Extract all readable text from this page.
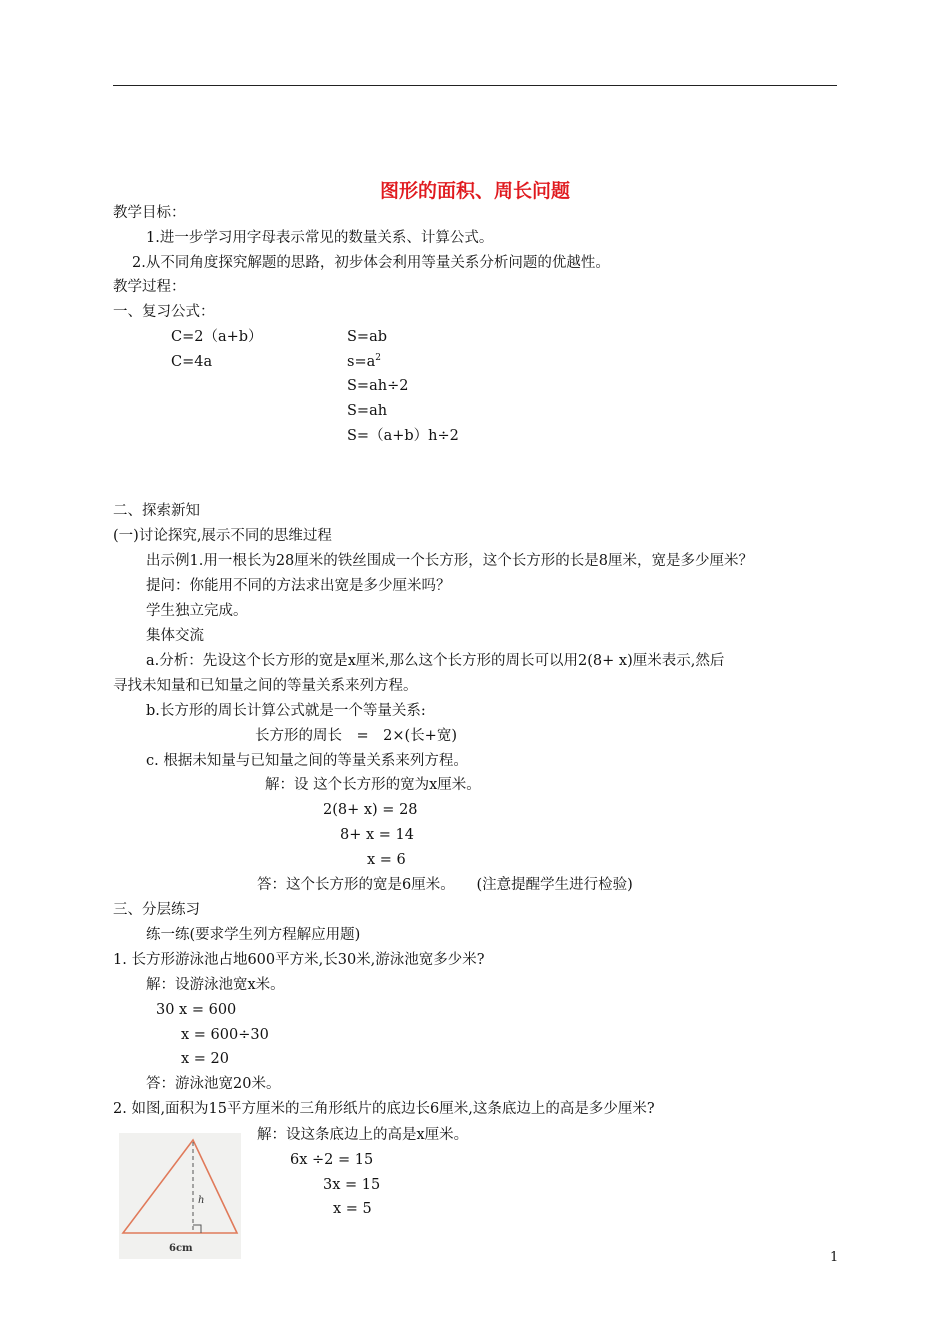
图形的面积、周长问题
教学目标：
1.进一步学习用字母表示常见的数量关系、计算公式。
2.从不同角度探究解题的思路，初步体会利用等量关系分析问题的优越性。
教学过程：
一、复习公式：
C=2（a+b）
C=4a
S=ab
$s=a^2$
S=ah÷2
S=ah
S=（a+b）h÷2
二、探索新知
(一)讨论探究,展示不同的思维过程
出示例1.用一根长为28厘米的铁丝围成一个长方形，这个长方形的长是8厘米，宽是多少厘米？
提问：你能用不同的方法求出宽是多少厘米吗？
学生独立完成。
集体交流
a.分析：先设这个长方形的宽是x厘米,那么这个长方形的周长可以用2(8+ x)厘米表示,然后
寻找未知量和已知量之间的等量关系来列方程。
b.长方形的周长计算公式就是一个等量关系:
长方形的周长　=　2×(长+宽)
c. 根据未知量与已知量之间的等量关系来列方程。
解：设 这个长方形的宽为x厘米。
2(8+ x) = 28
8+ x = 14
x = 6
答：这个长方形的宽是6厘米。　　(注意提醒学生进行检验)
三、分层练习
练一练(要求学生列方程解应用题)
1. 长方形游泳池占地600平方米,长30米,游泳池宽多少米?
解：设游泳池宽x米。
30 x = 600
x = 600÷30
x = 20
答：游泳池宽20米。
2. 如图,面积为15平方厘米的三角形纸片的底边长6厘米,这条底边上的高是多少厘米?
解：设这条底边上的高是x厘米。
6x ÷2 = 15
3x = 15
x = 5
h
6cm
1
